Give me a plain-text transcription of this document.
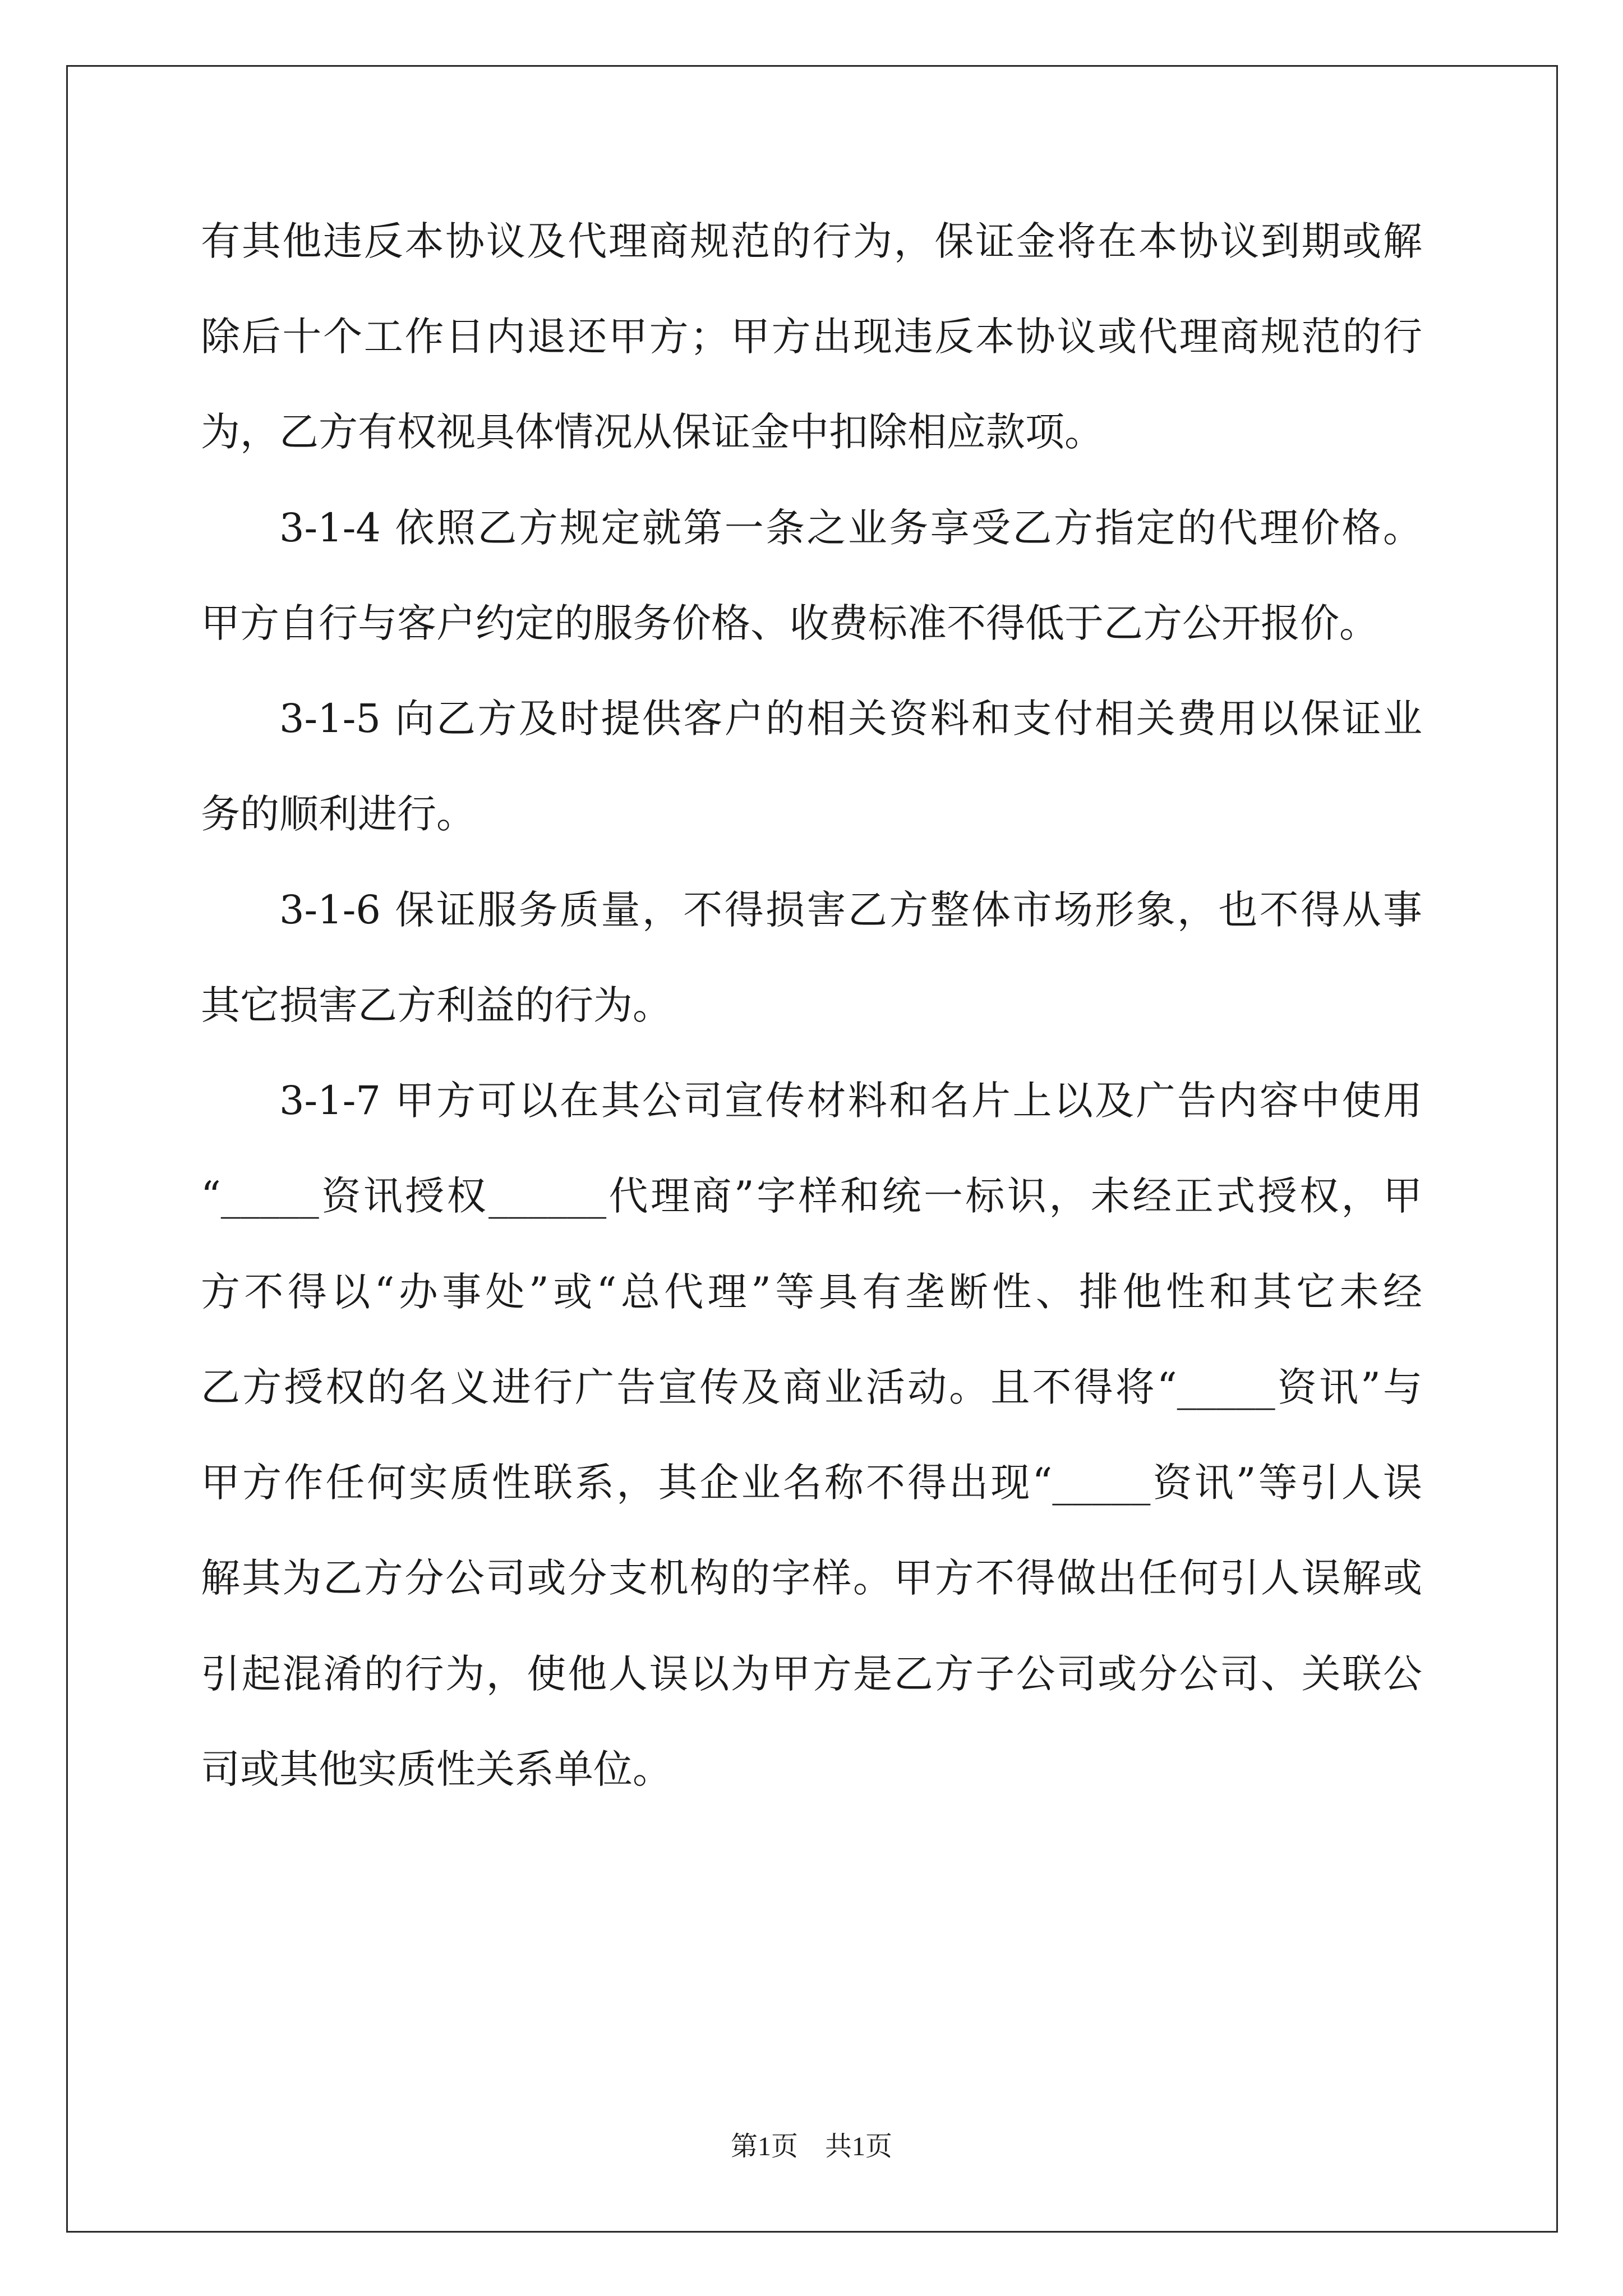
有其他违反本协议及代理商规范的行为，保证金将在本协议到期或解
除后十个工作日内退还甲方；甲方出现违反本协议或代理商规范的行
为，乙方有权视具体情况从保证金中扣除相应款项。
3-1-4 依照乙方规定就第一条之业务享受乙方指定的代理价格。
甲方自行与客户约定的服务价格、收费标准不得低于乙方公开报价。
3-1-5 向乙方及时提供客户的相关资料和支付相关费用以保证业
务的顺利进行。
3-1-6 保证服务质量，不得损害乙方整体市场形象，也不得从事
其它损害乙方利益的行为。
3-1-7 甲方可以在其公司宣传材料和名片上以及广告内容中使用
“_____资讯授权______代理商”字样和统一标识，未经正式授权，甲
方不得以“办事处”或“总代理”等具有垄断性、排他性和其它未经
乙方授权的名义进行广告宣传及商业活动。且不得将“_____资讯”与
甲方作任何实质性联系，其企业名称不得出现“_____资讯”等引人误
解其为乙方分公司或分支机构的字样。甲方不得做出任何引人误解或
引起混淆的行为，使他人误以为甲方是乙方子公司或分公司、关联公
司或其他实质性关系单位。
第1页　共1页
